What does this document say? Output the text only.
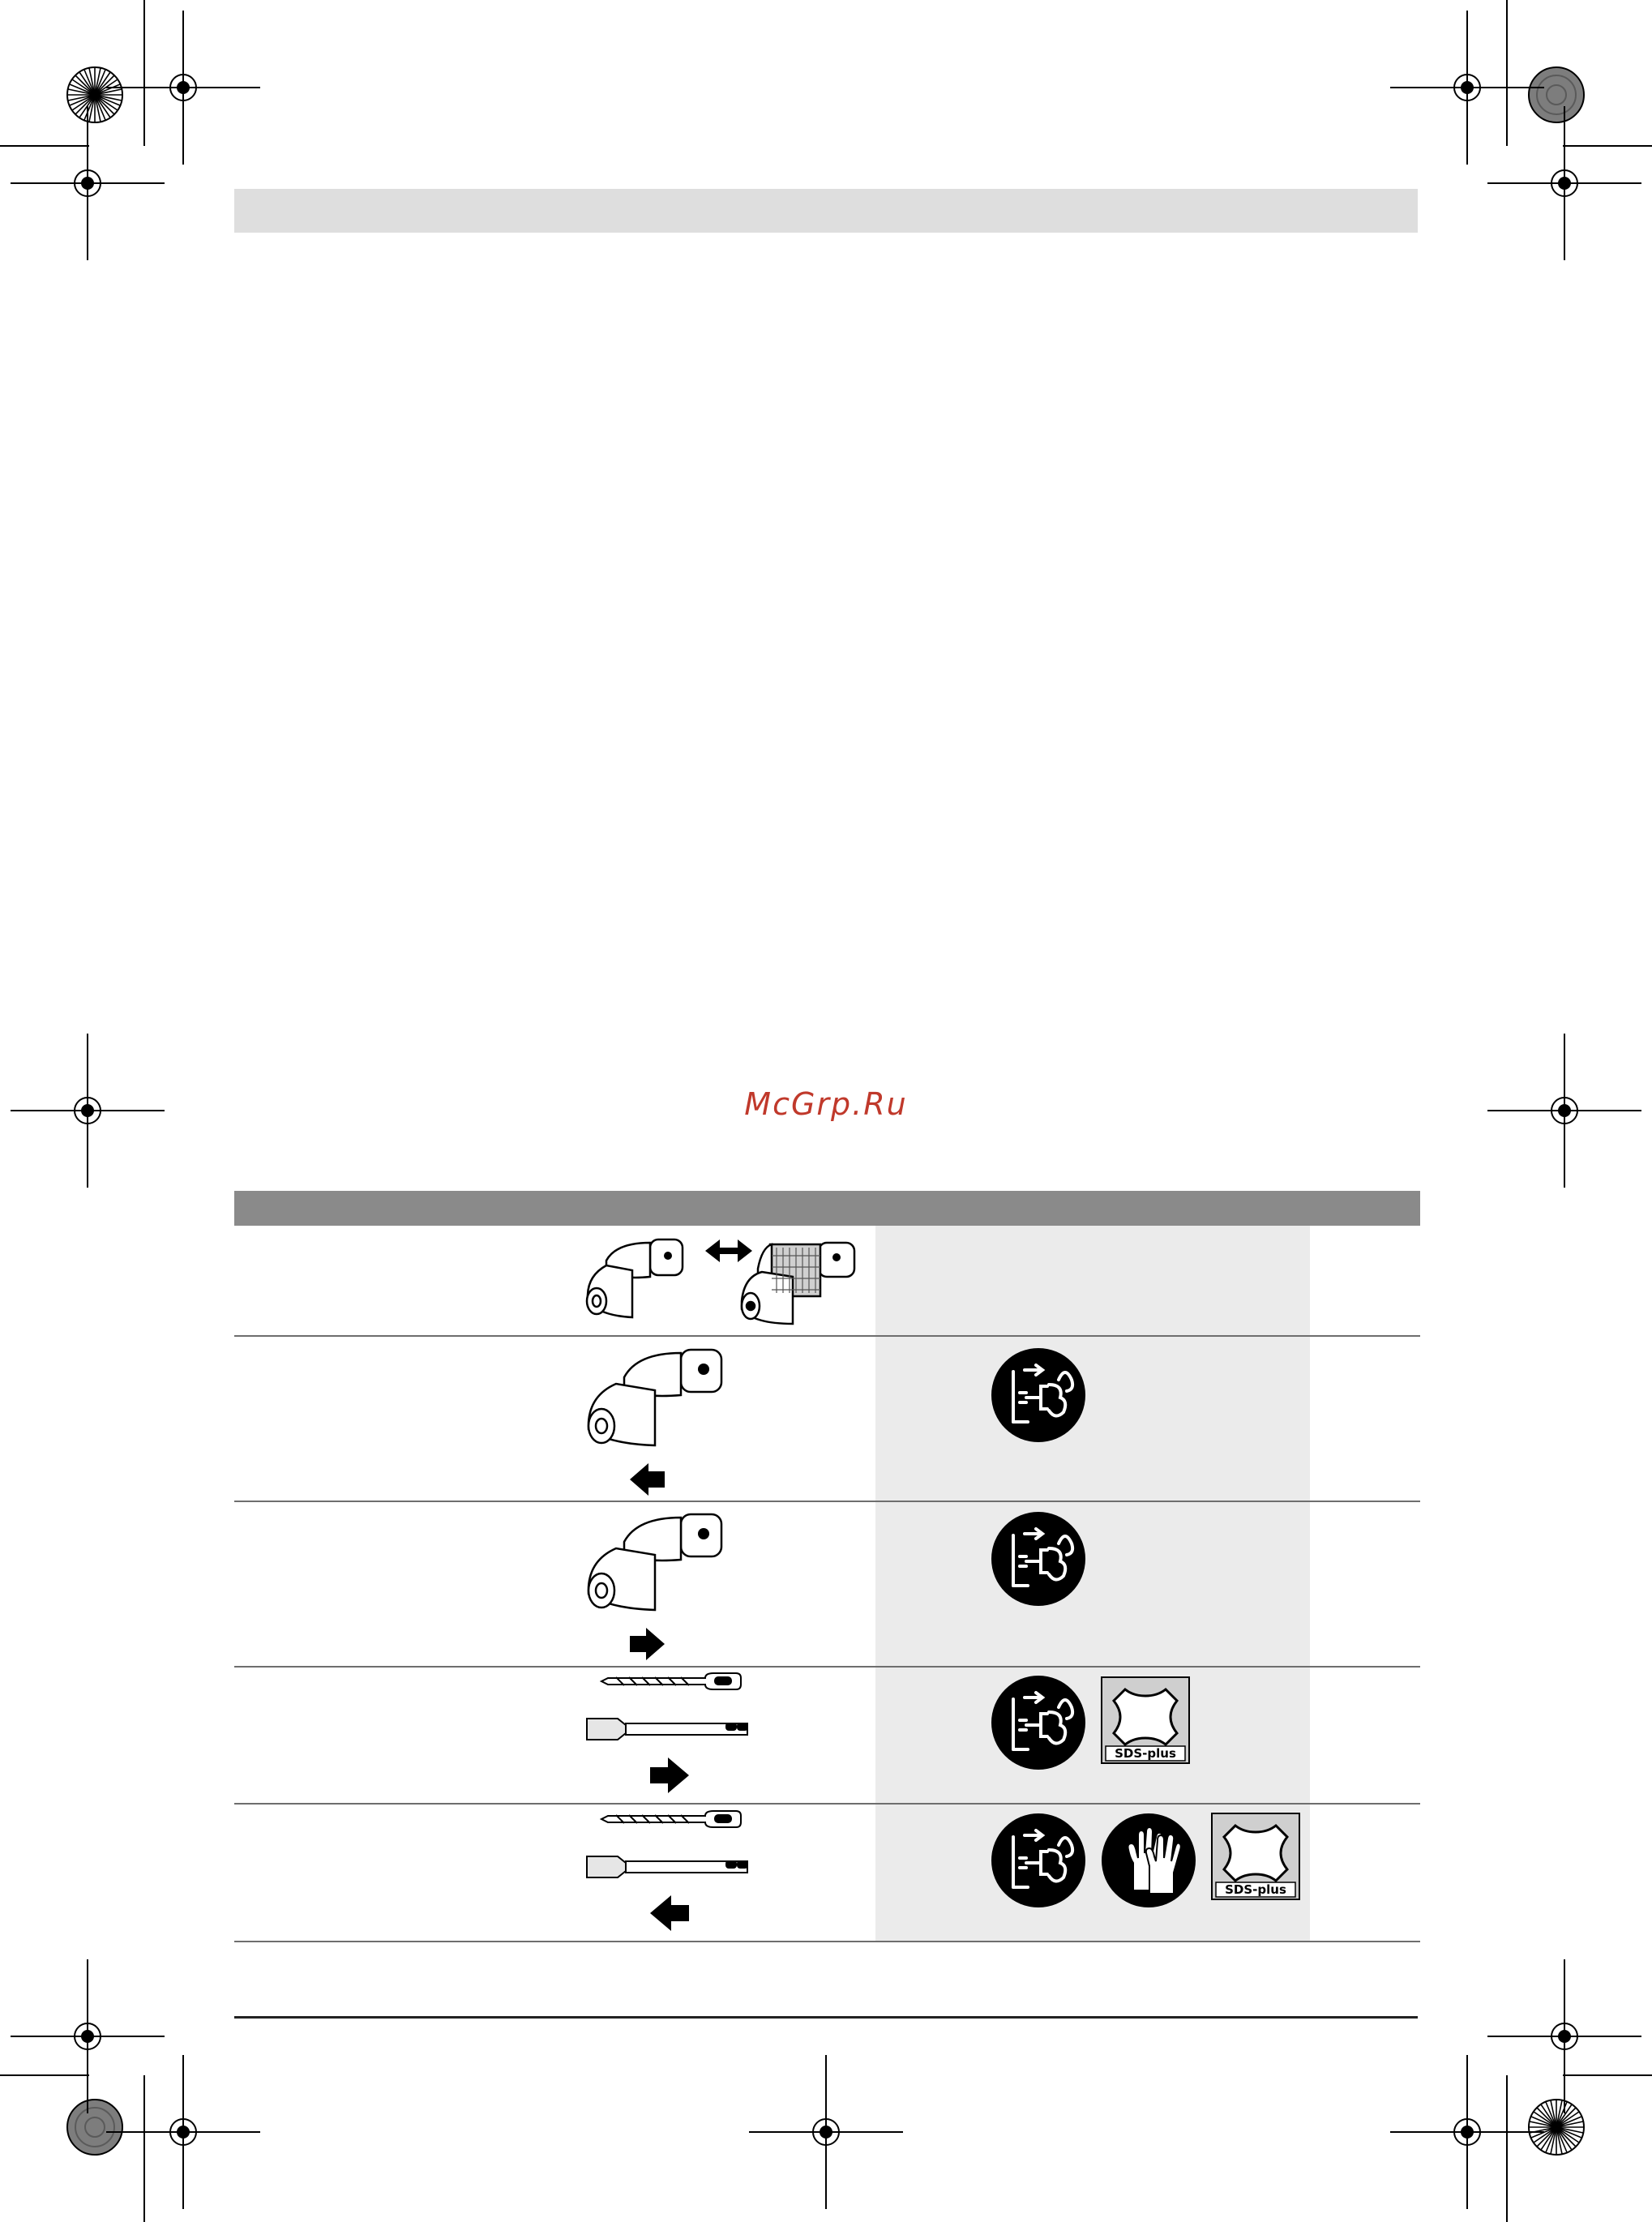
McGrp.Ru
SDS-plus
SDS-plus
